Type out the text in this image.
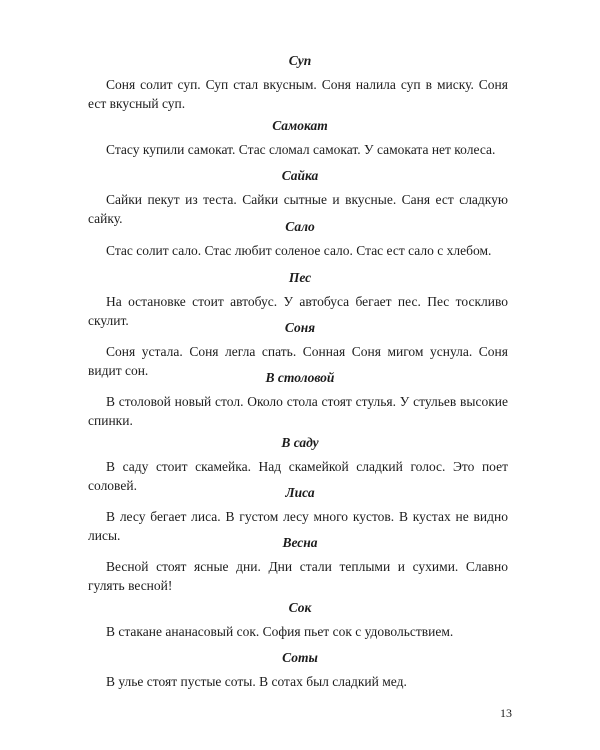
Суп

Соня солит суп. Суп стал вкусным. Соня налила суп в миску. Соня ест вкусный суп.

Самокат

Стасу купили самокат. Стас сломал самокат. У самоката нет колеса.

Сайка

Сайки пекут из теста. Сайки сытные и вкусные. Саня ест сладкую сайку.

Сало

Стас солит сало. Стас любит соленое сало. Стас ест сало с хлебом.

Пес

На остановке стоит автобус. У автобуса бегает пес. Пес тоскливо скулит.	Соня

Соня устала. Соня легла спать. Сонная Соня мигом уснула. Соня видит сон.	В столовой

В столовой новый стол. Около стола стоят стулья. У стульев высокие спинки.

В саду

В саду стоит скамейка. Над скамейкой сладкий голос. Это поет соловей.	Лиса

В лесу бегает лиса. В густом лесу много кустов. В кустах не видно лисы.	Весна

Весной стоят ясные дни. Дни стали теплыми и сухими. Славно гулять весной!

Сок

В стакане ананасовый сок. София пьет сок с удовольствием.

Соты

В улье стоят пустые соты. В сотах был сладкий мед.

13
